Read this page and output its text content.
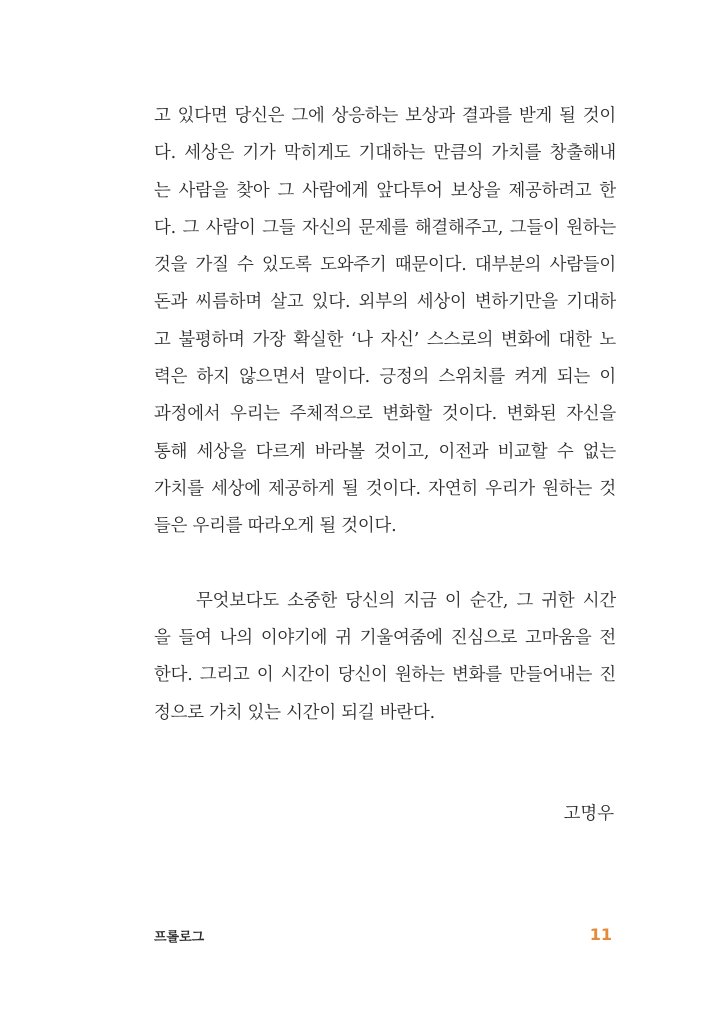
고 있다면 당신은 그에 상응하는 보상과 결과를 받게 될 것이
다. 세상은 기가 막히게도 기대하는 만큼의 가치를 창출해내
는 사람을 찾아 그 사람에게 앞다투어 보상을 제공하려고 한
다. 그 사람이 그들 자신의 문제를 해결해주고, 그들이 원하는
것을 가질 수 있도록 도와주기 때문이다. 대부분의 사람들이
돈과 씨름하며 살고 있다. 외부의 세상이 변하기만을 기대하
고 불평하며 가장 확실한 ‘나 자신’ 스스로의 변화에 대한 노
력은 하지 않으면서 말이다. 긍정의 스위치를 켜게 되는 이
과정에서 우리는 주체적으로 변화할 것이다. 변화된 자신을
통해 세상을 다르게 바라볼 것이고, 이전과 비교할 수 없는
가치를 세상에 제공하게 될 것이다. 자연히 우리가 원하는 것
들은 우리를 따라오게 될 것이다.
무엇보다도 소중한 당신의 지금 이 순간, 그 귀한 시간
을 들여 나의 이야기에 귀 기울여줌에 진심으로 고마움을 전
한다. 그리고 이 시간이 당신이 원하는 변화를 만들어내는 진
정으로 가치 있는 시간이 되길 바란다.
고명우
프롤로그	11
